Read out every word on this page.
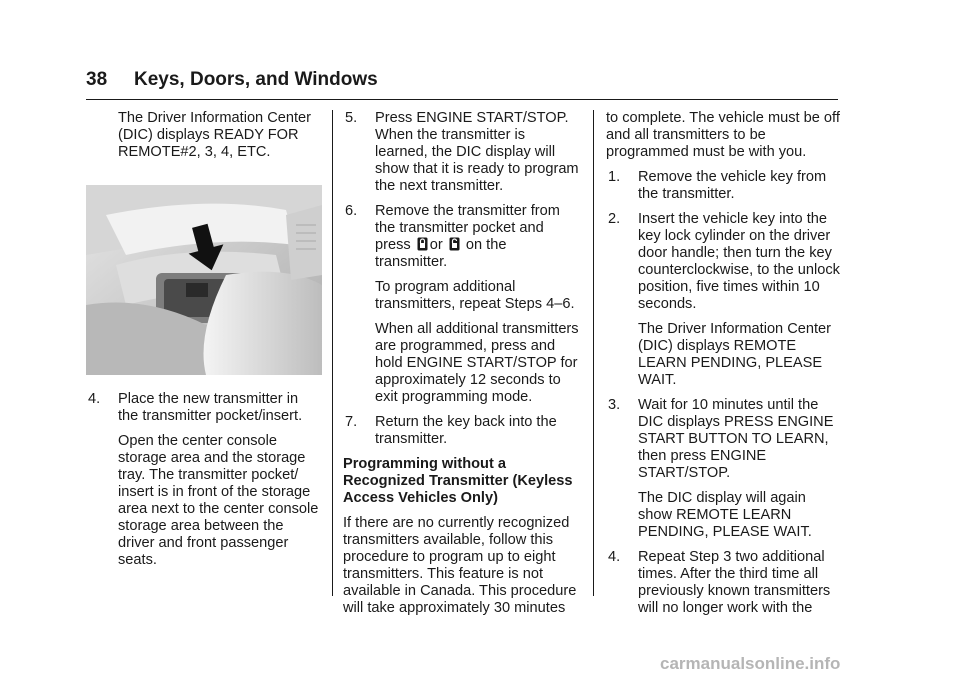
38 Keys, Doors, and Windows

The Driver Information Center (DIC) displays READY FOR REMOTE#2, 3, 4, ETC.

4.	Place the new transmitter in the transmitter pocket/insert.

Open the center console storage area and the storage tray. The transmitter pocket/ insert is in front of the storage area next to the center console storage area between the driver and front passenger seats.

5.	Press ENGINE START/STOP. When the transmitter is learned, the DIC display will show that it is ready to program the next transmitter.
6.	Remove the transmitter from the transmitter pocket and press or on the transmitter.

To program additional transmitters, repeat Steps 4–6.

When all additional transmitters are programmed, press and hold ENGINE START/STOP for approximately 12 seconds to exit programming mode.

7.	Return the key back into the transmitter.

Programming without a Recognized Transmitter (Keyless Access Vehicles Only)

If there are no currently recognized transmitters available, follow this procedure to program up to eight transmitters. This feature is not available in Canada. This procedure will take approximately 30 minutes

to complete. The vehicle must be off and all transmitters to be programmed must be with you.

1.	Remove the vehicle key from the transmitter.
2.	Insert the vehicle key into the key lock cylinder on the driver door handle; then turn the key counterclockwise, to the unlock position, five times within 10 seconds.

The Driver Information Center (DIC) displays REMOTE LEARN PENDING, PLEASE WAIT.

3.	Wait for 10 minutes until the DIC displays PRESS ENGINE START BUTTON TO LEARN, then press ENGINE START/STOP.

The DIC display will again show REMOTE LEARN PENDING, PLEASE WAIT.

4.	Repeat Step 3 two additional times. After the third time all previously known transmitters will no longer work with the
carmanualsonline.info
